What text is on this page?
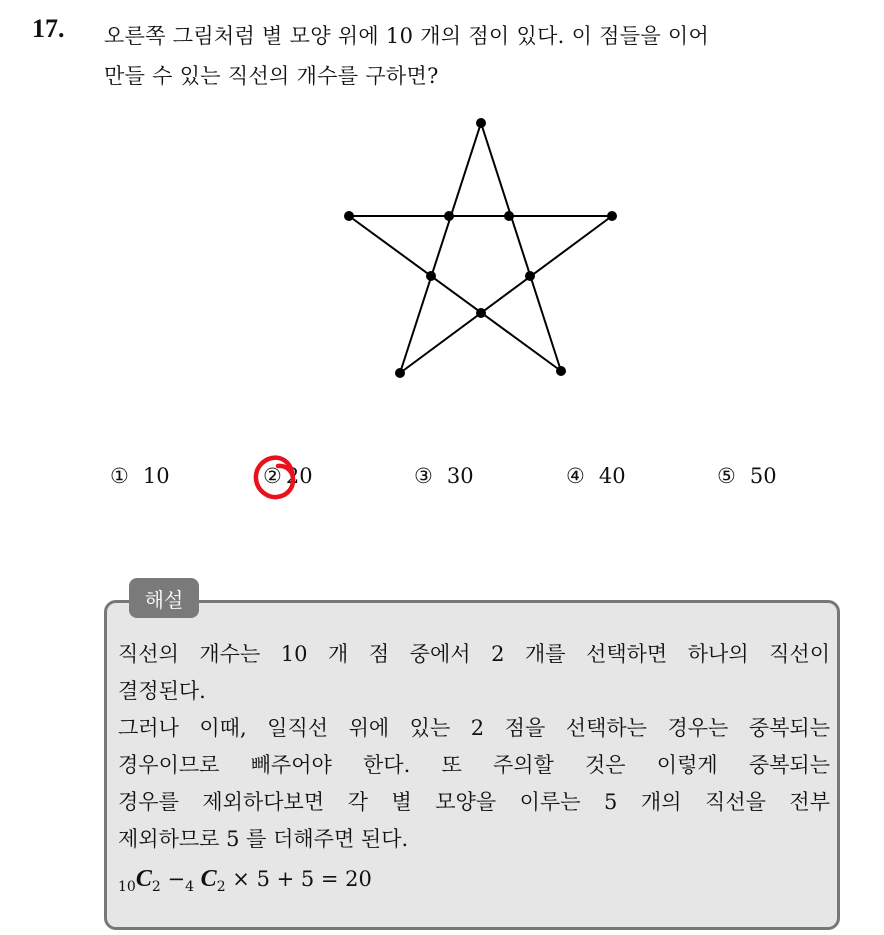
17. 오른쪽 그림처럼 별 모양 위에 10 개의 점이 있다. 이 점들을 이어
만들 수 있는 직선의 개수를 구하면?
① 10	② 20	③ 30	④ 40	⑤ 50
해설
직선의 개수는 10 개 점 중에서 2 개를 선택하면 하나의 직선이
결정된다.
그러나 이때, 일직선 위에 있는 2 점을 선택하는 경우는 중복되는
경우이므로 빼주어야 한다. 또 주의할 것은 이렇게 중복되는
경우를 제외하다보면 각 별 모양을 이루는 5 개의 직선을 전부
제외하므로 5 를 더해주면 된다.
$_{10}C_2 -_4$ $C_2 \times 5 + 5 = 20$
